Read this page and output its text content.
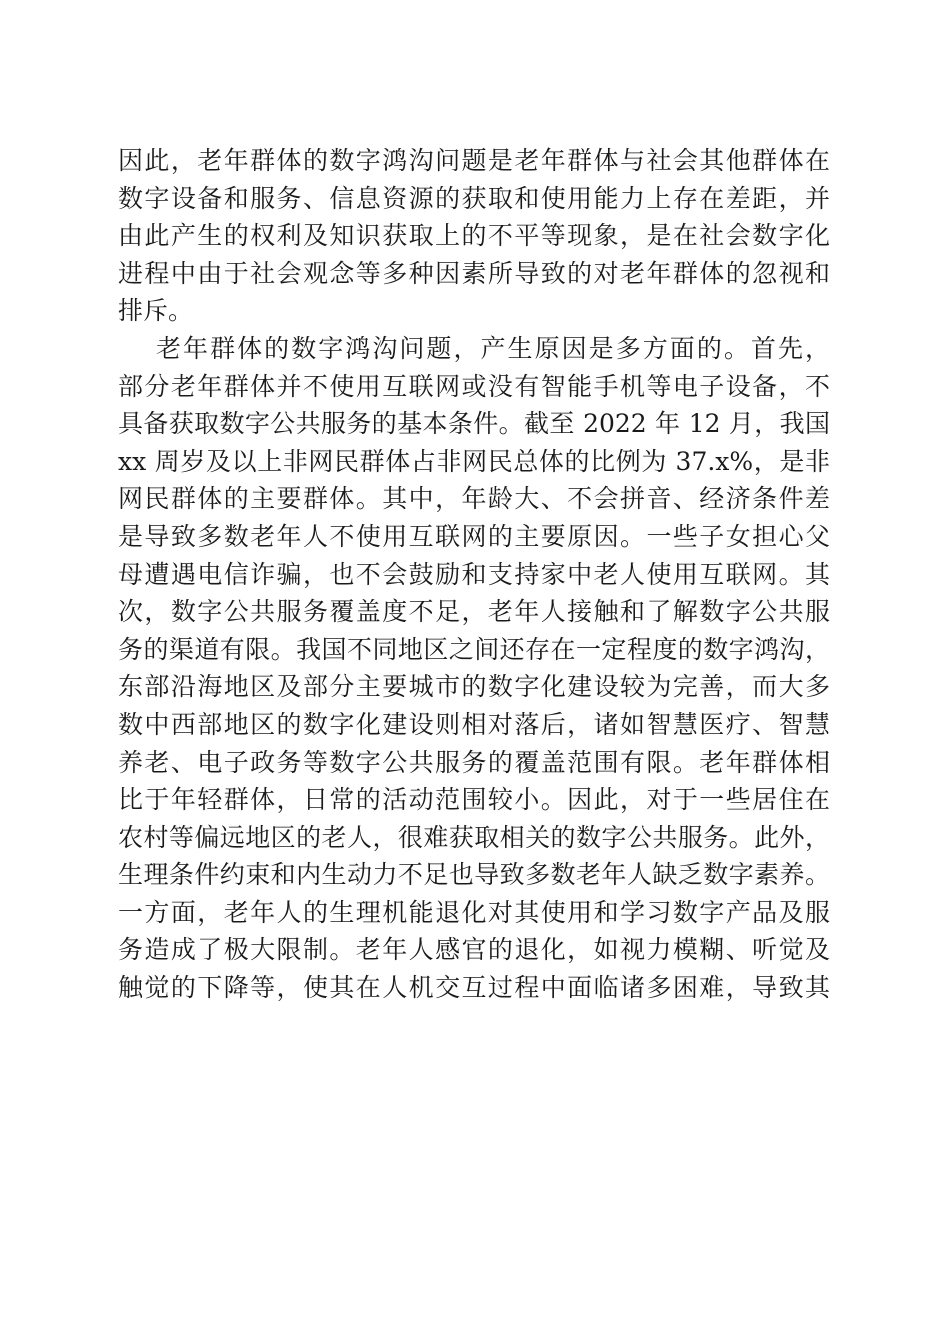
因此，老年群体的数字鸿沟问题是老年群体与社会其他群体在
数字设备和服务、信息资源的获取和使用能力上存在差距，并
由此产生的权利及知识获取上的不平等现象，是在社会数字化
进程中由于社会观念等多种因素所导致的对老年群体的忽视和
排斥。
老年群体的数字鸿沟问题，产生原因是多方面的。首先，
部分老年群体并不使用互联网或没有智能手机等电子设备，不
具备获取数字公共服务的基本条件。截至 2022 年 12 月，我国
xx 周岁及以上非网民群体占非网民总体的比例为 37.x%，是非
网民群体的主要群体。其中，年龄大、不会拼音、经济条件差
是导致多数老年人不使用互联网的主要原因。一些子女担心父
母遭遇电信诈骗，也不会鼓励和支持家中老人使用互联网。其
次，数字公共服务覆盖度不足，老年人接触和了解数字公共服
务的渠道有限。我国不同地区之间还存在一定程度的数字鸿沟，
东部沿海地区及部分主要城市的数字化建设较为完善，而大多
数中西部地区的数字化建设则相对落后，诸如智慧医疗、智慧
养老、电子政务等数字公共服务的覆盖范围有限。老年群体相
比于年轻群体，日常的活动范围较小。因此，对于一些居住在
农村等偏远地区的老人，很难获取相关的数字公共服务。此外，
生理条件约束和内生动力不足也导致多数老年人缺乏数字素养。
一方面，老年人的生理机能退化对其使用和学习数字产品及服
务造成了极大限制。老年人感官的退化，如视力模糊、听觉及
触觉的下降等，使其在人机交互过程中面临诸多困难，导致其
